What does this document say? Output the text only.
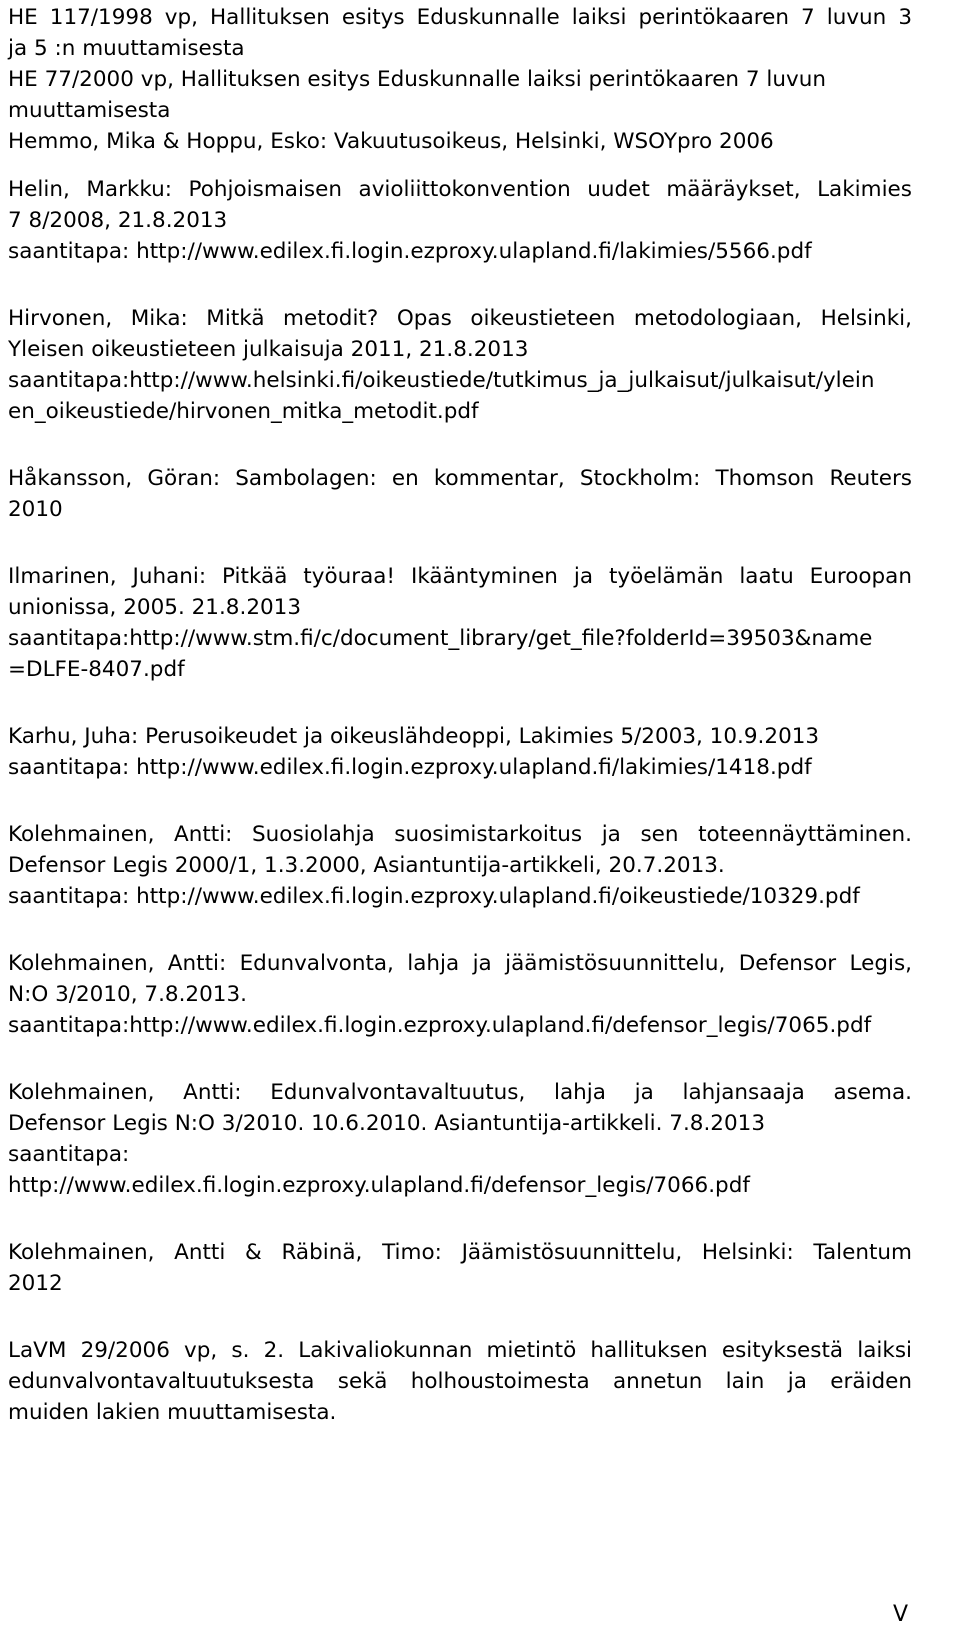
HE 117/1998 vp, Hallituksen esitys Eduskunnalle laiksi perintökaaren 7 luvun 3
ja 5 :n muuttamisesta
HE 77/2000 vp, Hallituksen esitys Eduskunnalle laiksi perintökaaren 7 luvun
muuttamisesta
Hemmo, Mika & Hoppu, Esko: Vakuutusoikeus, Helsinki, WSOYpro 2006
Helin, Markku: Pohjoismaisen avioliittokonvention uudet määräykset, Lakimies
7 8/2008, 21.8.2013
saantitapa: http://www.edilex.fi.login.ezproxy.ulapland.fi/lakimies/5566.pdf
Hirvonen, Mika: Mitkä metodit? Opas oikeustieteen metodologiaan, Helsinki,
Yleisen oikeustieteen julkaisuja 2011, 21.8.2013
saantitapa:http://www.helsinki.fi/oikeustiede/tutkimus_ja_julkaisut/julkaisut/ylein
en_oikeustiede/hirvonen_mitka_metodit.pdf
Håkansson, Göran: Sambolagen: en kommentar, Stockholm: Thomson Reuters
2010
Ilmarinen, Juhani: Pitkää työuraa! Ikääntyminen ja työelämän laatu Euroopan
unionissa, 2005. 21.8.2013
saantitapa:http://www.stm.fi/c/document_library/get_file?folderId=39503&name
=DLFE-8407.pdf
Karhu, Juha: Perusoikeudet ja oikeuslähdeoppi, Lakimies 5/2003, 10.9.2013
saantitapa: http://www.edilex.fi.login.ezproxy.ulapland.fi/lakimies/1418.pdf
Kolehmainen, Antti: Suosiolahja suosimistarkoitus ja sen toteennäyttäminen.
Defensor Legis 2000/1, 1.3.2000, Asiantuntija-artikkeli, 20.7.2013.
saantitapa: http://www.edilex.fi.login.ezproxy.ulapland.fi/oikeustiede/10329.pdf
Kolehmainen, Antti: Edunvalvonta, lahja ja jäämistösuunnittelu, Defensor Legis,
N:O 3/2010, 7.8.2013.
saantitapa:http://www.edilex.fi.login.ezproxy.ulapland.fi/defensor_legis/7065.pdf
Kolehmainen, Antti: Edunvalvontavaltuutus, lahja ja lahjansaaja asema.
Defensor Legis N:O 3/2010. 10.6.2010. Asiantuntija-artikkeli. 7.8.2013
saantitapa:
http://www.edilex.fi.login.ezproxy.ulapland.fi/defensor_legis/7066.pdf
Kolehmainen, Antti & Räbinä, Timo: Jäämistösuunnittelu, Helsinki: Talentum
2012
LaVM 29/2006 vp, s. 2. Lakivaliokunnan mietintö hallituksen esityksestä laiksi
edunvalvontavaltuutuksesta sekä holhoustoimesta annetun lain ja eräiden
muiden lakien muuttamisesta.
V
